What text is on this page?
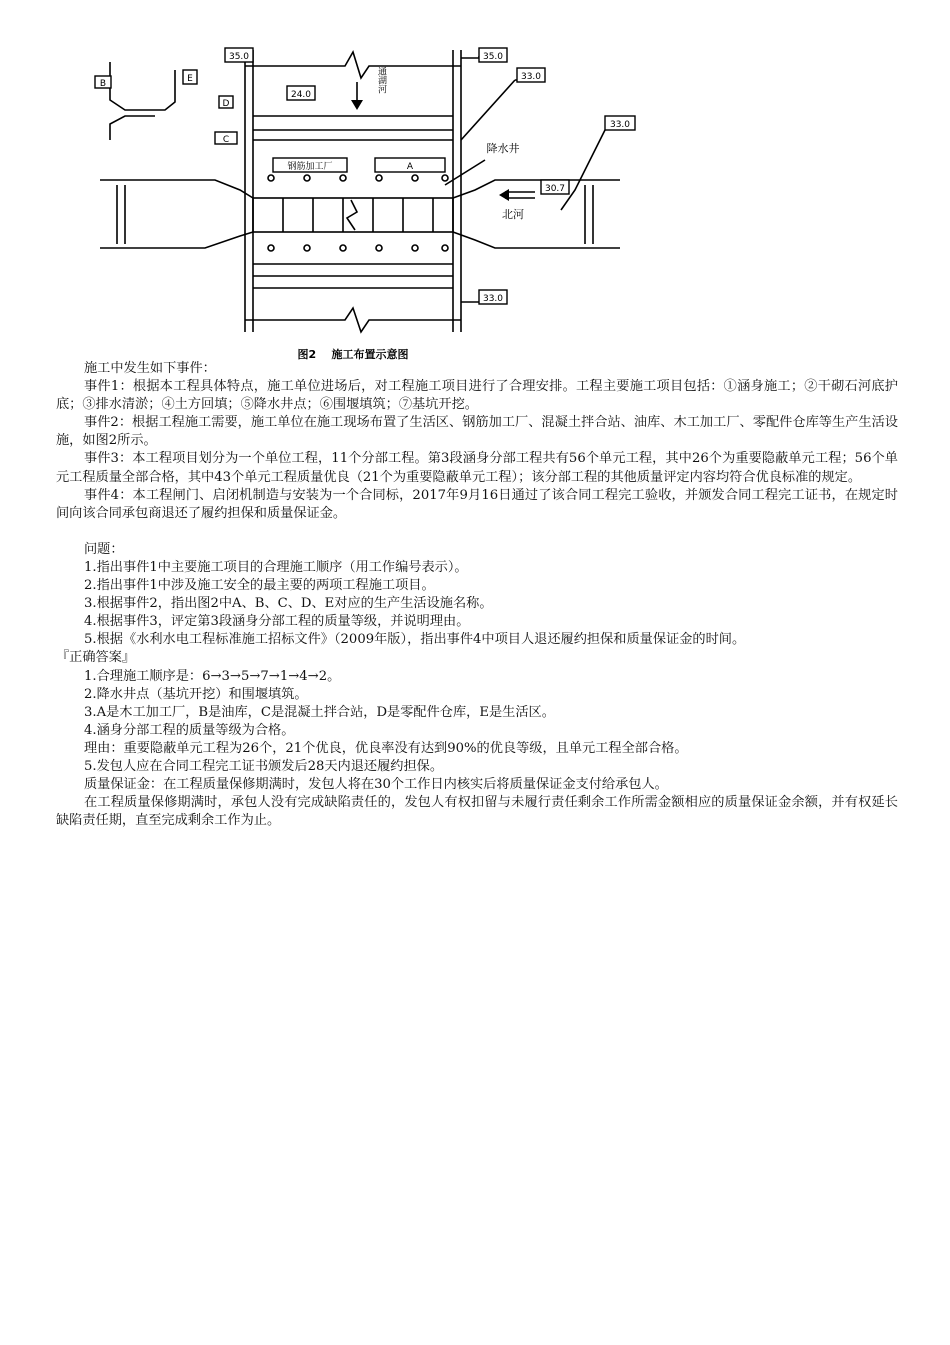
35.0	35.0
33.0
33.0
33.0
24.0
30.7
B	E
D
C
A
钢筋加工厂
降水井
北河
通湖河
图2    施工布置示意图

施工中发生如下事件：

事件1：根据本工程具体特点，施工单位进场后，对工程施工项目进行了合理安排。工程主要施工项目包括：①涵身施工；②干砌石河底护底；③排水清淤；④土方回填；⑤降水井点；⑥围堰填筑；⑦基坑开挖。

事件2：根据工程施工需要，施工单位在施工现场布置了生活区、钢筋加工厂、混凝土拌合站、油库、木工加工厂、零配件仓库等生产生活设施，如图2所示。

事件3：本工程项目划分为一个单位工程，11个分部工程。第3段涵身分部工程共有56个单元工程，其中26个为重要隐蔽单元工程；56个单元工程质量全部合格，其中43个单元工程质量优良（21个为重要隐蔽单元工程）；该分部工程的其他质量评定内容均符合优良标准的规定。

事件4：本工程闸门、启闭机制造与安装为一个合同标，2017年9月16日通过了该合同工程完工验收，并颁发合同工程完工证书，在规定时间向该合同承包商退还了履约担保和质量保证金。

问题：

1.指出事件1中主要施工项目的合理施工顺序（用工作编号表示）。

2.指出事件1中涉及施工安全的最主要的两项工程施工项目。

3.根据事件2，指出图2中A、B、C、D、E对应的生产生活设施名称。

4.根据事件3，评定第3段涵身分部工程的质量等级，并说明理由。

5.根据《水利水电工程标准施工招标文件》（2009年版），指出事件4中项目人退还履约担保和质量保证金的时间。

『正确答案』

1.合理施工顺序是：6→3→5→7→1→4→2。

2.降水井点（基坑开挖）和围堰填筑。

3.A是木工加工厂，B是油库，C是混凝土拌合站，D是零配件仓库，E是生活区。

4.涵身分部工程的质量等级为合格。

理由：重要隐蔽单元工程为26个，21个优良，优良率没有达到90%的优良等级，且单元工程全部合格。

5.发包人应在合同工程完工证书颁发后28天内退还履约担保。

质量保证金：在工程质量保修期满时，发包人将在30个工作日内核实后将质量保证金支付给承包人。

在工程质量保修期满时，承包人没有完成缺陷责任的，发包人有权扣留与未履行责任剩余工作所需金额相应的质量保证金余额，并有权延长缺陷责任期，直至完成剩余工作为止。
